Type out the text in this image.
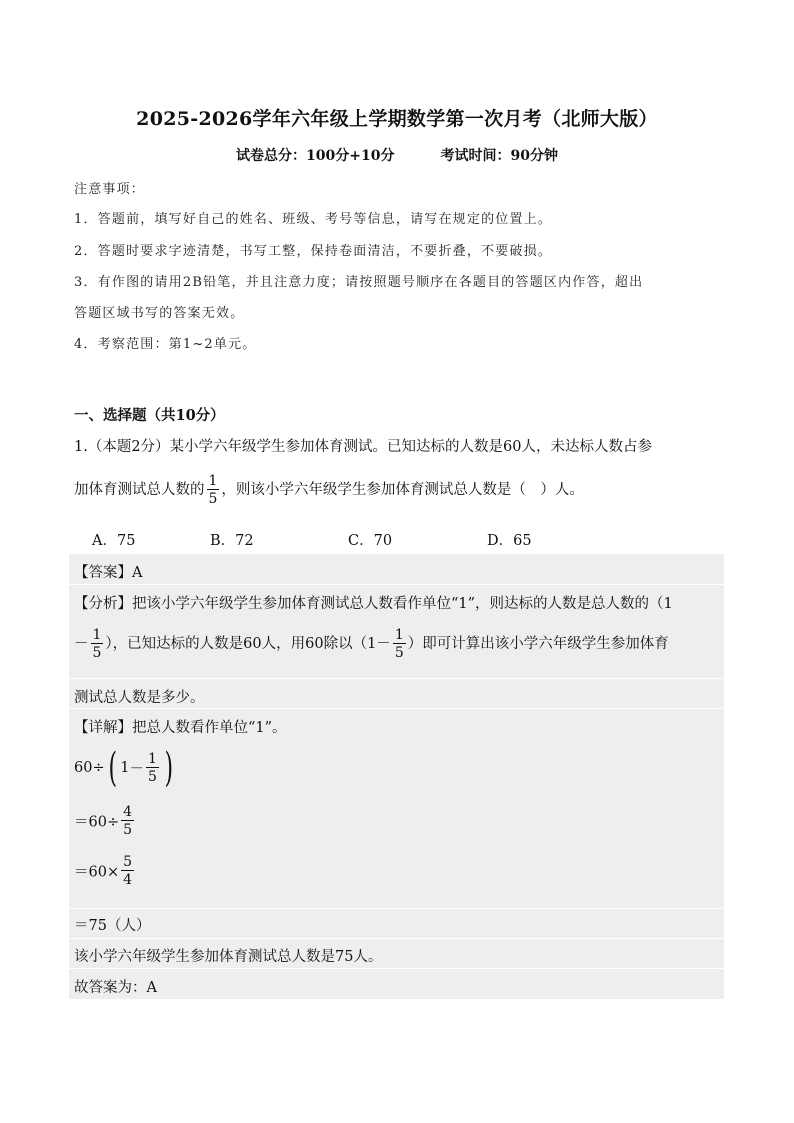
2025-2026学年六年级上学期数学第一次月考（北师大版）
试卷总分：100分+10分	考试时间：90分钟
注意事项：
1．答题前，填写好自己的姓名、班级、考号等信息，请写在规定的位置上。
2．答题时要求字迹清楚，书写工整，保持卷面清洁，不要折叠，不要破损。
3．有作图的请用2B铅笔，并且注意力度；请按照题号顺序在各题目的答题区内作答，超出
答题区域书写的答案无效。
4．考察范围：第1~2单元。
一、选择题（共10分）
1.（本题2分）某小学六年级学生参加体育测试。已知达标的人数是60人，未达标人数占参
加体育测试总人数的 $\frac{1}{5}$ ，则该小学六年级学生参加体育测试总人数是（　）人。
A．75	B．72	C．70	D．65
【答案】A
【分析】把该小学六年级学生参加体育测试总人数看作单位“1”，则达标的人数是总人数的（1
－ $\frac{1}{5}$ ），已知达标的人数是60人，用60除以（$1- \frac{1}{5}$ ）即可计算出该小学六年级学生参加体育
测试总人数是多少。
【详解】把总人数看作单位“1”。
60÷( $1- \frac{1}{5}$ )
$=60\div \frac{4}{5}$
$=60\times \frac{5}{4}$
＝75（人）
该小学六年级学生参加体育测试总人数是75人。
故答案为：A
